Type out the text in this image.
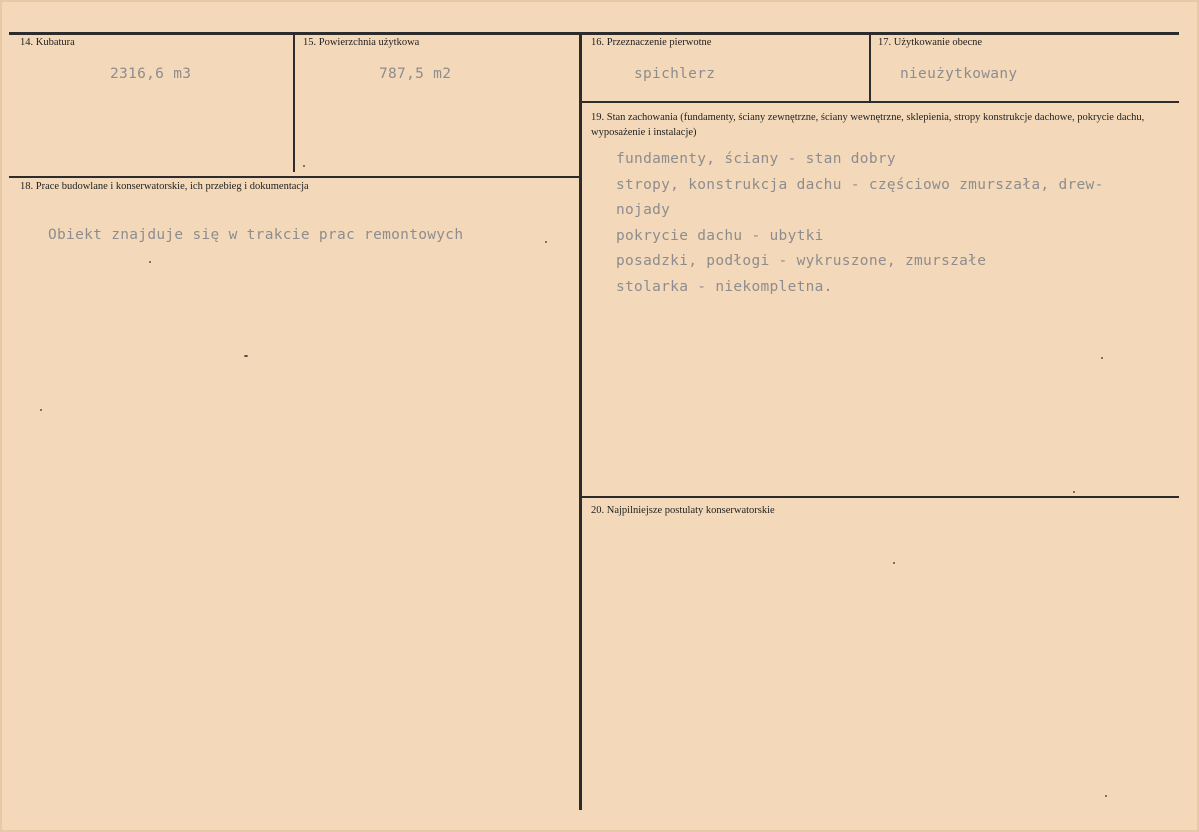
14. Kubatura
2316,6 m3
15. Powierzchnia użytkowa
787,5 m2
16. Przeznaczenie pierwotne
spichlerz
17. Użytkowanie obecne
nieużytkowany
18. Prace budowlane i konserwatorskie, ich przebieg i dokumentacja
Obiekt znajduje się w trakcie prac remontowych
19. Stan zachowania (fundamenty, ściany zewnętrzne, ściany wewnętrzne, sklepienia, stropy konstrukcje dachowe, pokrycie dachu, wyposażenie i instalacje)
fundamenty, ściany - stan dobry
stropy, konstrukcja dachu - częściowo zmurszała, drew-
nojady
pokrycie dachu - ubytki
posadzki, podłogi - wykruszone, zmurszałe
stolarka - niekompletna.
20. Najpilniejsze postulaty konserwatorskie
